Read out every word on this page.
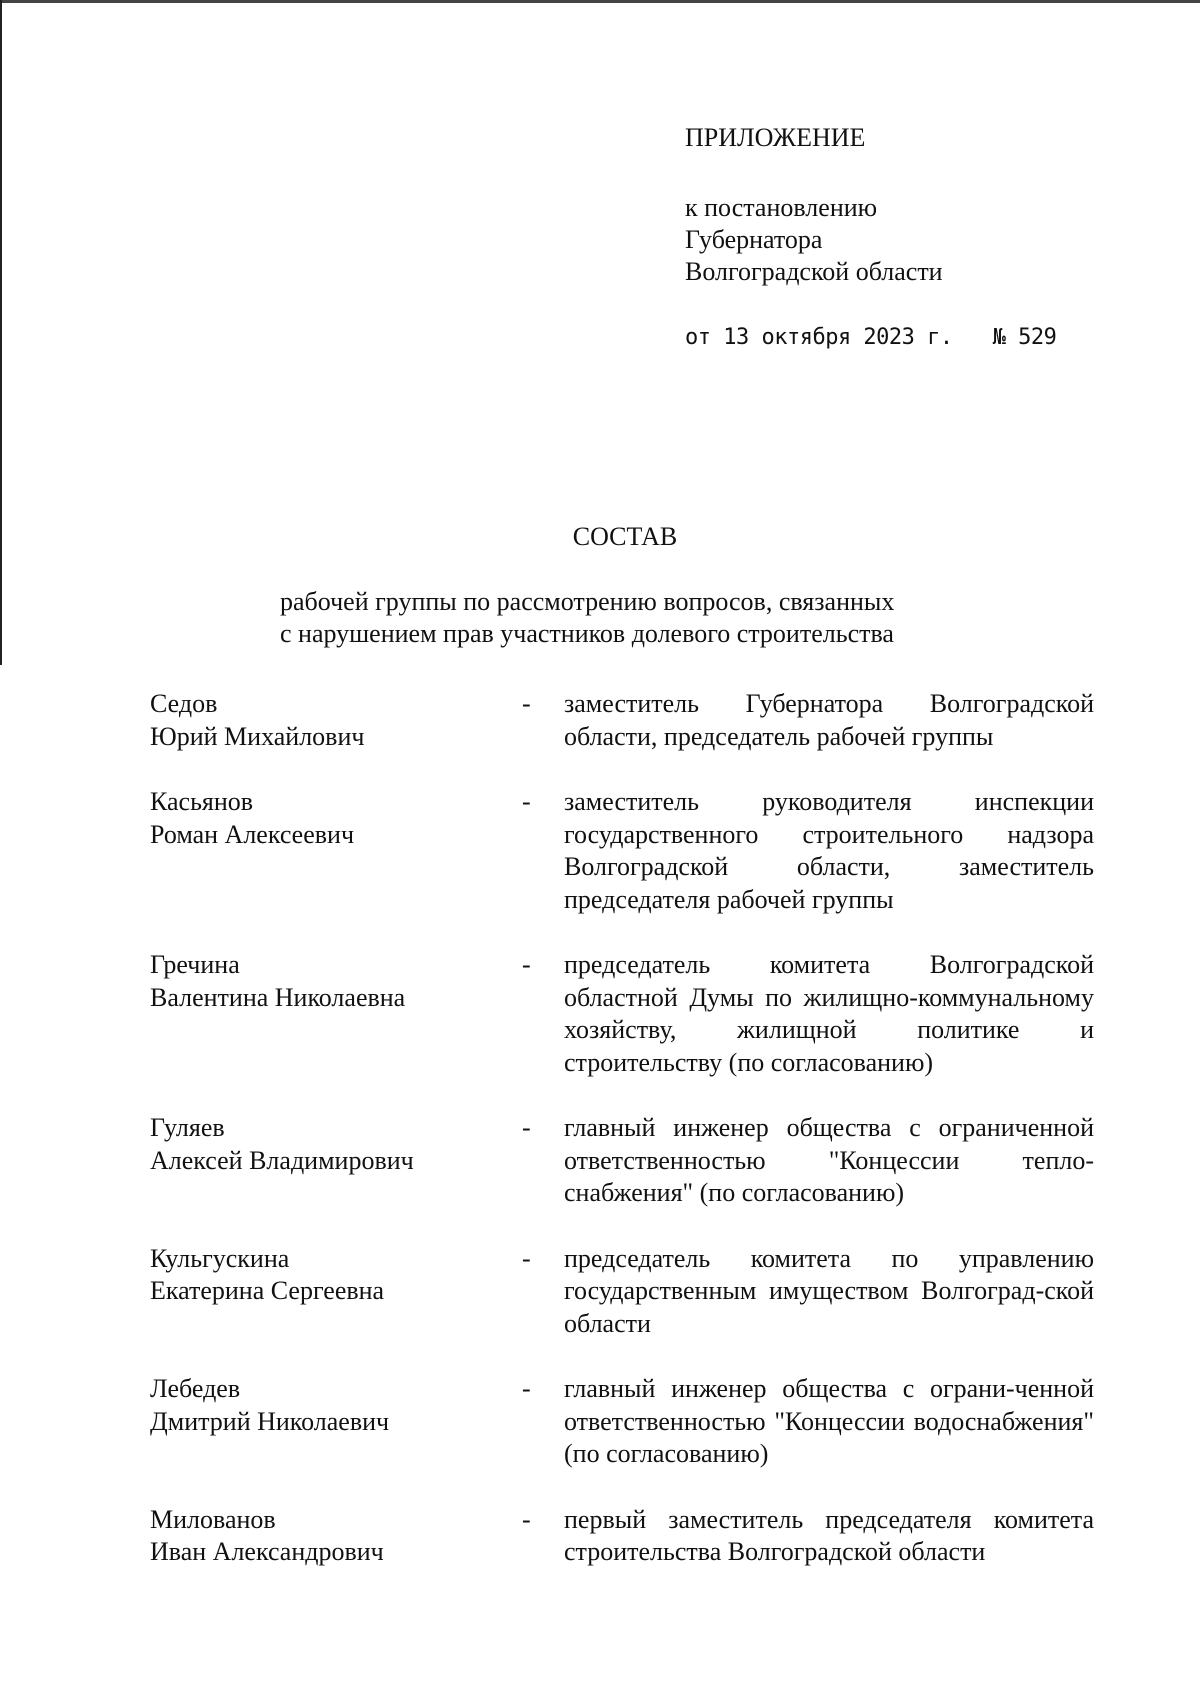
ПРИЛОЖЕНИЕ
к постановлению
Губернатора
Волгоградской области
от 13 октября 2023 г. № 529
СОСТАВ
рабочей группы по рассмотрению вопросов, связанных
с нарушением прав участников долевого строительства
Седов
Юрий Михайлович
-	заместитель Губернатора Волгоградской области, председатель рабочей группы
Касьянов
Роман Алексеевич
-	заместитель руководителя инспекции государственного строительного надзора Волгоградской области, заместитель председателя рабочей группы
Гречина
Валентина Николаевна
-	председатель комитета Волгоградской областной Думы по жилищно-коммунальному хозяйству, жилищной политике и строительству (по согласованию)
Гуляев
Алексей Владимирович
-	главный инженер общества с ограниченной ответственностью "Концессии тепло-снабжения" (по согласованию)
Кульгускина
Екатерина Сергеевна
-	председатель комитета по управлению государственным имуществом Волгоград-ской области
Лебедев
Дмитрий Николаевич
-	главный инженер общества с ограни-ченной ответственностью "Концессии водоснабжения" (по согласованию)
Милованов
Иван Александрович
-	первый заместитель председателя комитета строительства Волгоградской области
